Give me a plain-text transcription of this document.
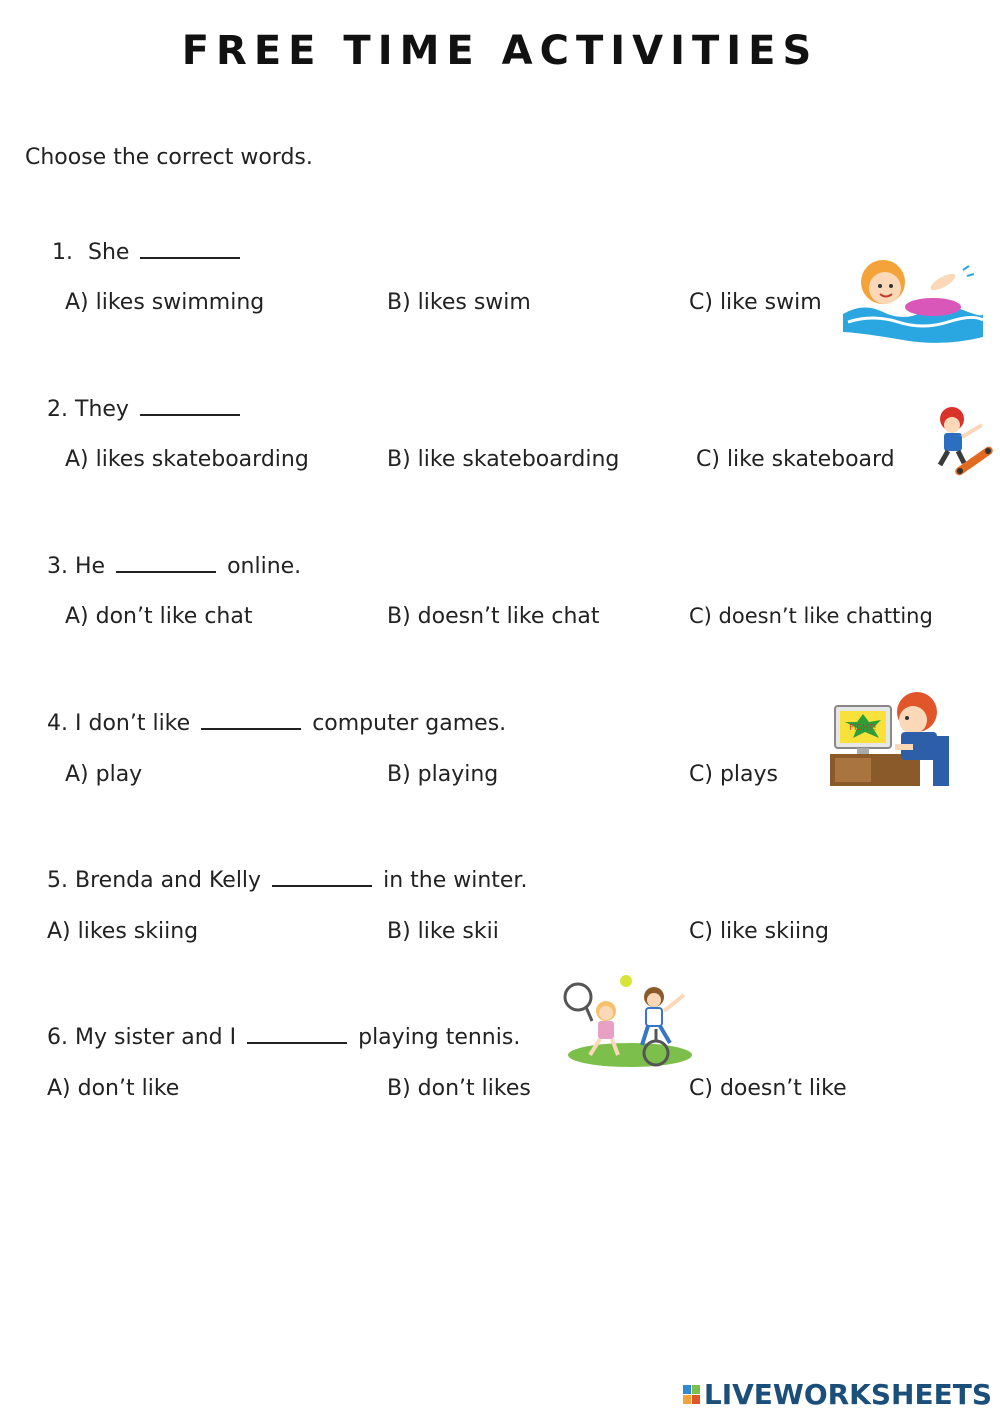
FREE TIME ACTIVITIES
Choose the correct words.
1. She
A) likes swimming	B) likes swim	C) like swim
2. They
A) likes skateboarding	B) like skateboarding	C) like skateboard
3. He	online.
A) don’t like chat	B) doesn’t like chat	C) doesn’t like chatting
4. I don’t like	computer games.
A) play	B) playing	C) plays
5. Brenda and Kelly	in the winter.
A) likes skiing	B) like skii	C) like skiing
6. My sister and I	playing tennis.
A) don’t like	B) don’t likes	C) doesn’t like
FIGHT!
LIVEWORKSHEETS
